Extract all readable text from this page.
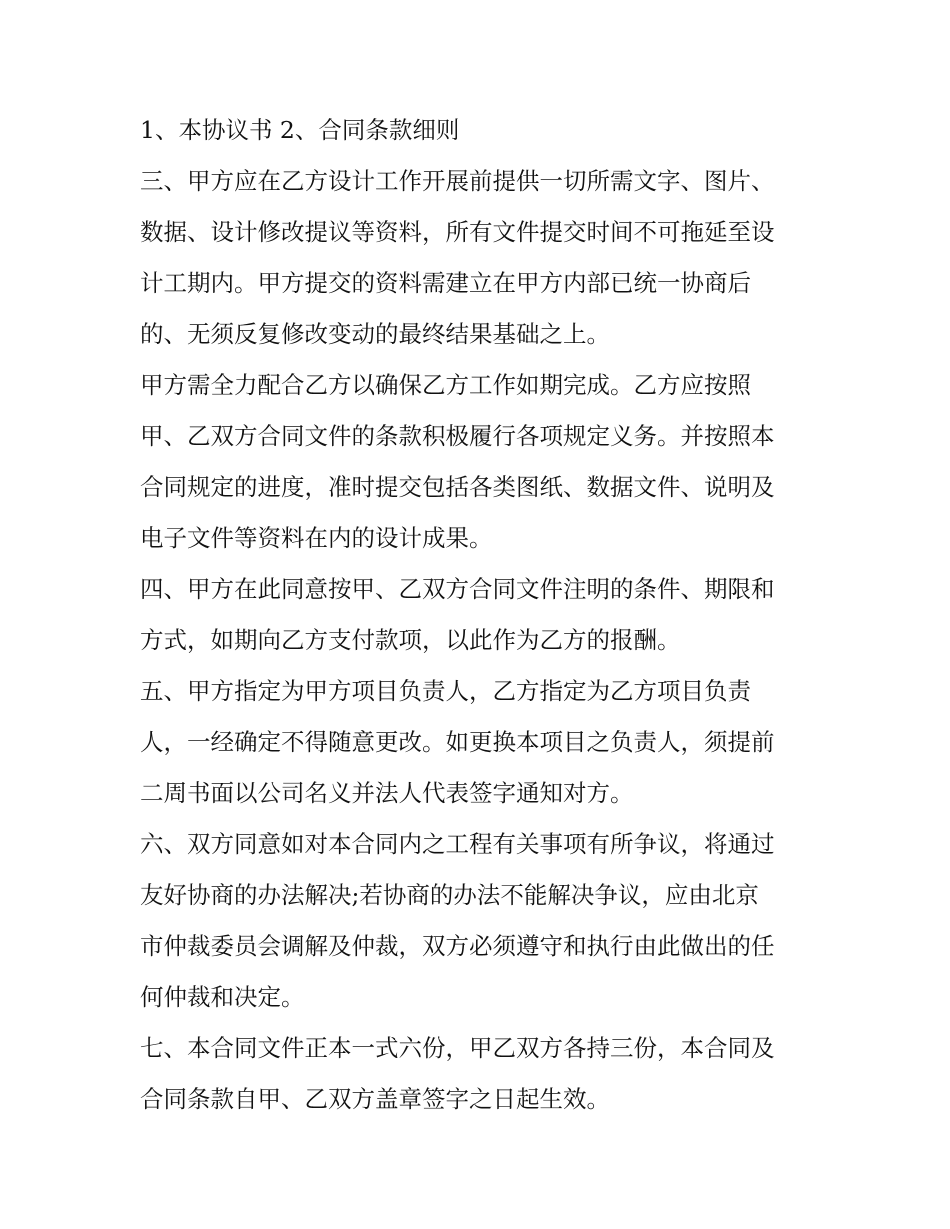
1、本协议书 2、合同条款细则
三、甲方应在乙方设计工作开展前提供一切所需文字、图片、
数据、设计修改提议等资料，所有文件提交时间不可拖延至设
计工期内。甲方提交的资料需建立在甲方内部已统一协商后
的、无须反复修改变动的最终结果基础之上。
甲方需全力配合乙方以确保乙方工作如期完成。乙方应按照
甲、乙双方合同文件的条款积极履行各项规定义务。并按照本
合同规定的进度，准时提交包括各类图纸、数据文件、说明及
电子文件等资料在内的设计成果。
四、甲方在此同意按甲、乙双方合同文件注明的条件、期限和
方式，如期向乙方支付款项，以此作为乙方的报酬。
五、甲方指定为甲方项目负责人，乙方指定为乙方项目负责
人，一经确定不得随意更改。如更换本项目之负责人，须提前
二周书面以公司名义并法人代表签字通知对方。
六、双方同意如对本合同内之工程有关事项有所争议，将通过
友好协商的办法解决;若协商的办法不能解决争议，应由北京
市仲裁委员会调解及仲裁，双方必须遵守和执行由此做出的任
何仲裁和决定。
七、本合同文件正本一式六份，甲乙双方各持三份，本合同及
合同条款自甲、乙双方盖章签字之日起生效。
